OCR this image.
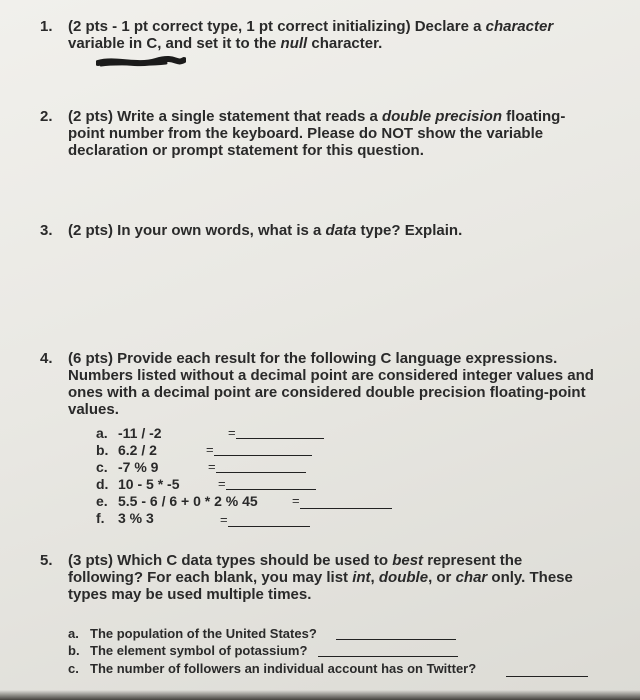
1. (2 pts - 1 pt correct type, 1 pt correct initializing) Declare a character variable in C, and set it to the null character.
2. (2 pts) Write a single statement that reads a double precision floating-point number from the keyboard. Please do NOT show the variable declaration or prompt statement for this question.
3. (2 pts) In your own words, what is a data type? Explain.
4. (6 pts) Provide each result for the following C language expressions. Numbers listed without a decimal point are considered integer values and ones with a decimal point are considered double precision floating-point values.
a. -11 / -2	=
b. 6.2 / 2	=
c. -7 % 9	=
d. 10 - 5 * -5	=
e. 5.5 - 6 / 6 + 0 * 2 % 45	=
f. 3 % 3	=
5. (3 pts) Which C data types should be used to best represent the following? For each blank, you may list int, double, or char only. These types may be used multiple times.
a. The population of the United States?
b. The element symbol of potassium?
c. The number of followers an individual account has on Twitter?
